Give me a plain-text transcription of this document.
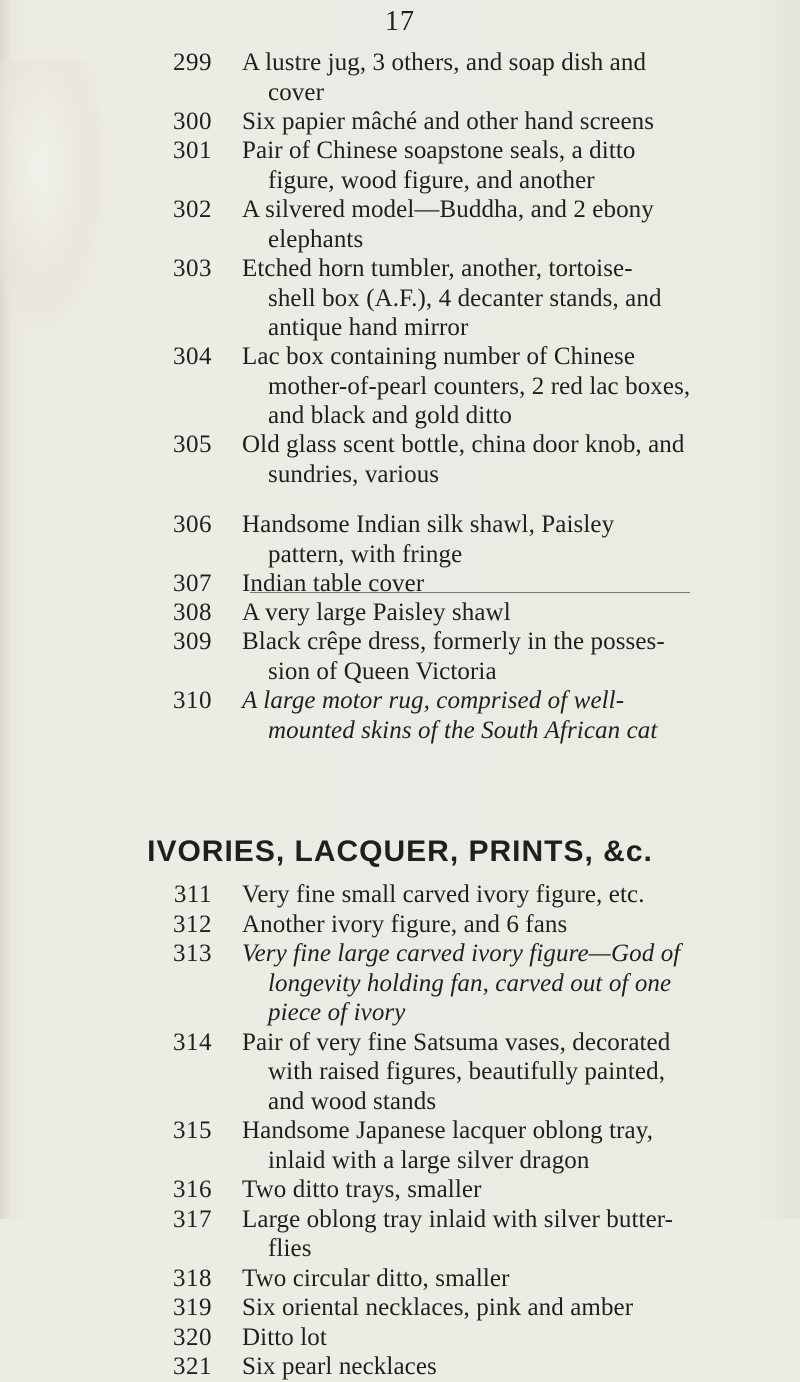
17
299 A lustre jug, 3 others, and soap dish and
cover
300 Six papier mâché and other hand screens
301 Pair of Chinese soapstone seals, a ditto
figure, wood figure, and another
302 A silvered model—Buddha, and 2 ebony
elephants
303 Etched horn tumbler, another, tortoise-
shell box (A.F.), 4 decanter stands, and
antique hand mirror
304 Lac box containing number of Chinese
mother-of-pearl counters, 2 red lac boxes,
and black and gold ditto
305 Old glass scent bottle, china door knob, and
sundries, various
306 Handsome Indian silk shawl, Paisley
pattern, with fringe
307 Indian table cover
308 A very large Paisley shawl
309 Black crêpe dress, formerly in the posses-
sion of Queen Victoria
310 A large motor rug, comprised of well-
mounted skins of the South African cat
IVORIES, LACQUER, PRINTS, &c.
311 Very fine small carved ivory figure, etc.
312 Another ivory figure, and 6 fans
313 Very fine large carved ivory figure—God of
longevity holding fan, carved out of one
piece of ivory
314 Pair of very fine Satsuma vases, decorated
with raised figures, beautifully painted,
and wood stands
315 Handsome Japanese lacquer oblong tray,
inlaid with a large silver dragon
316 Two ditto trays, smaller
317 Large oblong tray inlaid with silver butter-
flies
318 Two circular ditto, smaller
319 Six oriental necklaces, pink and amber
320 Ditto lot
321 Six pearl necklaces
